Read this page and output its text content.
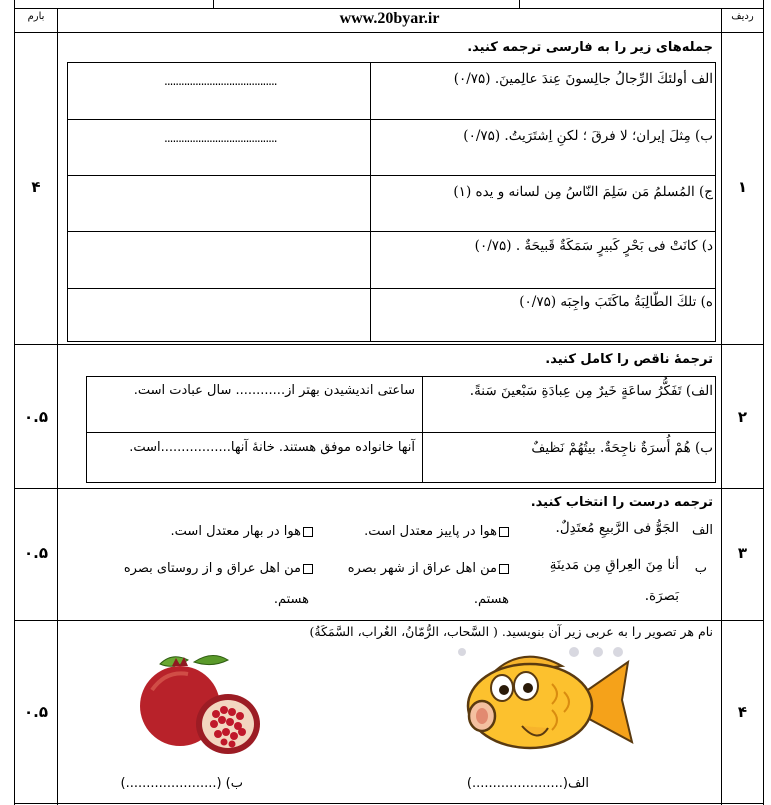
ردیف
www.20byar.ir
بارم
۱
۴
جمله‌های زیر را به فارسی ترجمه کنید.
الف أولئكَ الرِّجالُ جالِسونَ عِندَ عالِمينَ. (۰/۷۵)
........................................
ب) مِثلَ إیران؛ لا فرقَ ؛ لكنِ اِشتَرَیتُ. (۰/۷۵)
........................................
ج) المُسلمُ مَن سَلِمَ النّاسُ مِن لسانه و یده (۱)
د) كانَتْ فی بَحْرٍ كَبیرٍ سَمَكَةٌ قَبیحَةٌ . (۰/۷۵)
ه) تلكَ الطّالِبَةُ ماكَتَبَ واجِبَه (۰/۷۵)
۲
۰.۵
ترجمهٔ ناقص را كامل كنید.
الف) تَفَكُّرُ ساعَةٍ خَيرٌ مِن عِبادَةِ سَبْعینَ سَنةً.
ساعتی اندیشیدن بهتر از............ سال عبادت است.
ب) هُمْ أُسرَةٌ ناجِحَةٌ. بیتُهُمْ نَظیفٌ
آنها خانواده موفق هستند. خانهٔ آنها.................است.
۳
۰.۵
ترجمه درست را انتخاب كنید.
الف
الجَوُّ فی الرَّبیعِ مُعتَدِلٌ.
هوا در پاییز معتدل است.
هوا در بهار معتدل است.
ب
أنا مِنَ العِراقِ مِن مَدینَةِ
بَصرَة.
من اهل عراق از شهر بصره
هستم.
من اهل عراق و از روستای بصره
هستم.
۴
۰.۵
نام هر تصویر را به عربی زیر آن بنویسید. ( السَّحاب، الرُّمّانُ، الغُراب، السَّمَكَةُ)
الف(......................)
ب) (......................)
